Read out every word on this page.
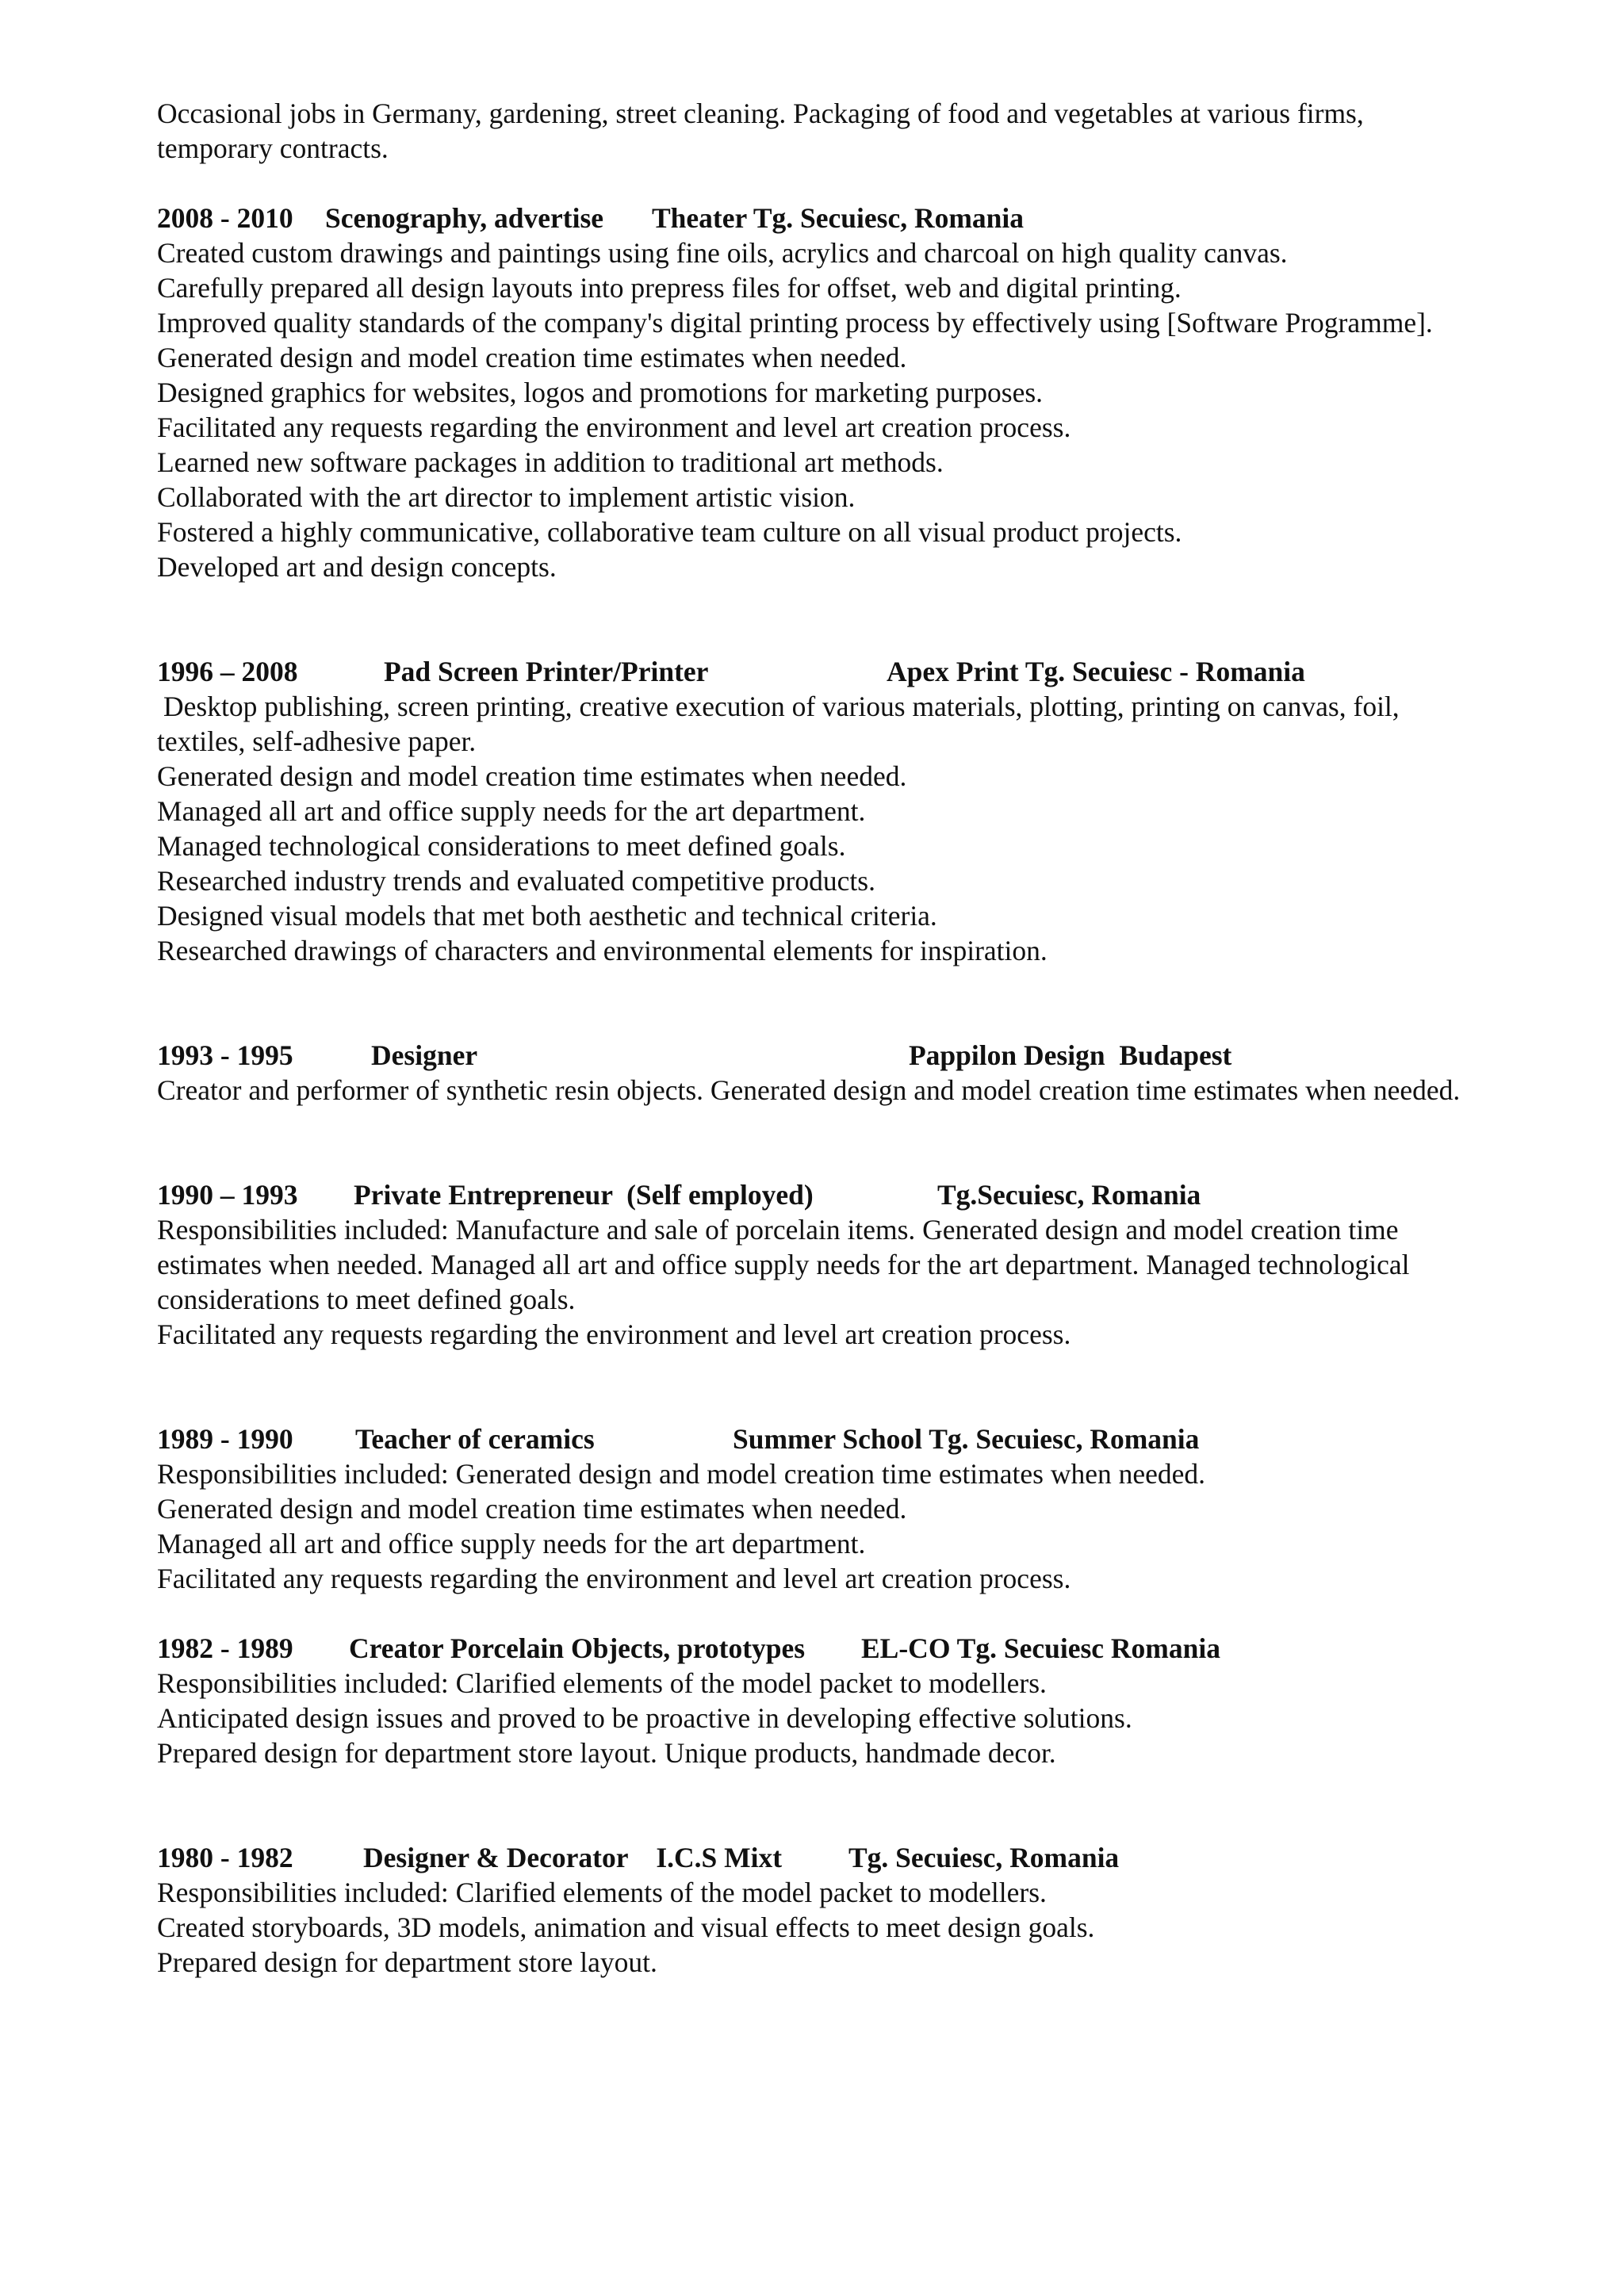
Occasional jobs in Germany, gardening, street cleaning. Packaging of food and vegetables at various firms, temporary contracts.

2008 - 2010	Scenography, advertise	Theater Tg. Secuiesc, Romania

Created custom drawings and paintings using fine oils, acrylics and charcoal on high quality canvas.

Carefully prepared all design layouts into prepress files for offset, web and digital printing.

Improved quality standards of the company's digital printing process by effectively using [Software Programme].

Generated design and model creation time estimates when needed.

Designed graphics for websites, logos and promotions for marketing purposes.

Facilitated any requests regarding the environment and level art creation process.

Learned new software packages in addition to traditional art methods.

Collaborated with the art director to implement artistic vision.

Fostered a highly communicative, collaborative team culture on all visual product projects.

Developed art and design concepts.

1996 – 2008	Pad Screen Printer/Printer	Apex Print Tg. Secuiesc - Romania

Desktop publishing, screen printing, creative execution of various materials, plotting, printing on canvas, foil, textiles, self-adhesive paper.

Generated design and model creation time estimates when needed.

Managed all art and office supply needs for the art department.

Managed technological considerations to meet defined goals.

Researched industry trends and evaluated competitive products.

Designed visual models that met both aesthetic and technical criteria.

Researched drawings of characters and environmental elements for inspiration.

1993 - 1995	Designer	Pappilon Design  Budapest

Creator and performer of synthetic resin objects. Generated design and model creation time estimates when needed.

1990 – 1993	Private Entrepreneur  (Self employed)	Tg.Secuiesc, Romania

Responsibilities included: Manufacture and sale of porcelain items. Generated design and model creation time estimates when needed. Managed all art and office supply needs for the art department. Managed technological considerations to meet defined goals.

Facilitated any requests regarding the environment and level art creation process.

1989 - 1990	Teacher of ceramics	Summer School Tg. Secuiesc, Romania

Responsibilities included: Generated design and model creation time estimates when needed.

Generated design and model creation time estimates when needed.

Managed all art and office supply needs for the art department.

Facilitated any requests regarding the environment and level art creation process.

1982 - 1989	Creator Porcelain Objects, prototypes	EL-CO Tg. Secuiesc Romania

Responsibilities included: Clarified elements of the model packet to modellers.

Anticipated design issues and proved to be proactive in developing effective solutions.

Prepared design for department store layout. Unique products, handmade decor.

1980 - 1982	Designer & Decorator    I.C.S Mixt	Tg. Secuiesc, Romania

Responsibilities included: Clarified elements of the model packet to modellers.

Created storyboards, 3D models, animation and visual effects to meet design goals.

Prepared design for department store layout.
